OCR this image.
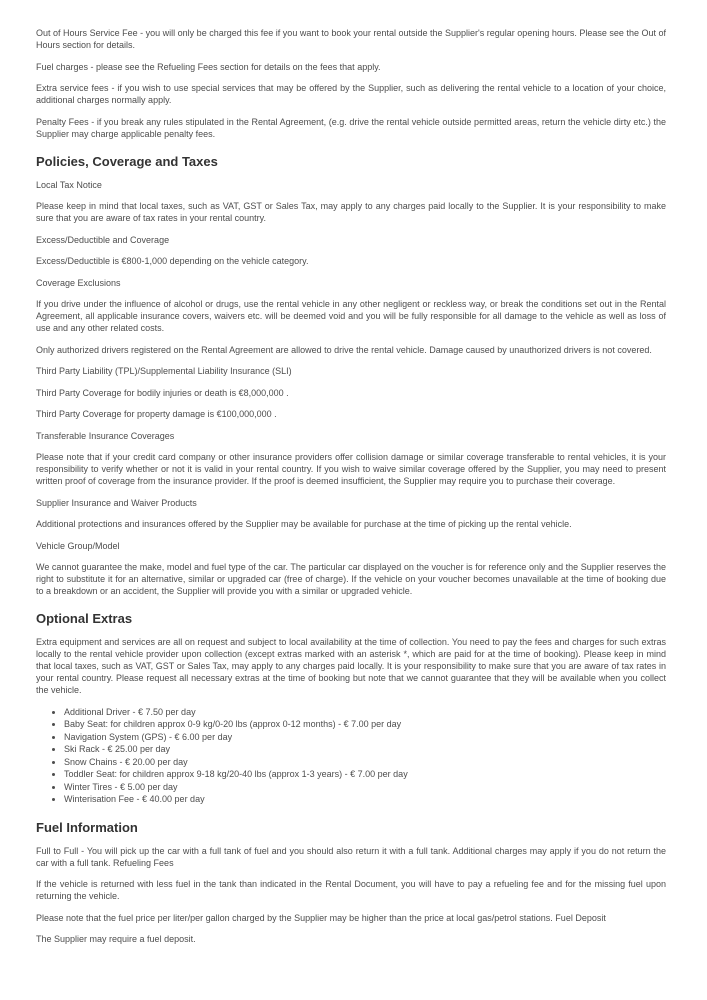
Out of Hours Service Fee - you will only be charged this fee if you want to book your rental outside the Supplier's regular opening hours. Please see the Out of Hours section for details.

Fuel charges - please see the Refueling Fees section for details on the fees that apply.

Extra service fees - if you wish to use special services that may be offered by the Supplier, such as delivering the rental vehicle to a location of your choice, additional charges normally apply.

Penalty Fees - if you break any rules stipulated in the Rental Agreement, (e.g. drive the rental vehicle outside permitted areas, return the vehicle dirty etc.) the Supplier may charge applicable penalty fees.

Policies, Coverage and Taxes

Local Tax Notice

Please keep in mind that local taxes, such as VAT, GST or Sales Tax, may apply to any charges paid locally to the Supplier. It is your responsibility to make sure that you are aware of tax rates in your rental country.

Excess/Deductible and Coverage

Excess/Deductible is €800-1,000 depending on the vehicle category.

Coverage Exclusions

If you drive under the influence of alcohol or drugs, use the rental vehicle in any other negligent or reckless way, or break the conditions set out in the Rental Agreement, all applicable insurance covers, waivers etc. will be deemed void and you will be fully responsible for all damage to the vehicle as well as loss of use and any other related costs.

Only authorized drivers registered on the Rental Agreement are allowed to drive the rental vehicle. Damage caused by unauthorized drivers is not covered.

Third Party Liability (TPL)/Supplemental Liability Insurance (SLI)

Third Party Coverage for bodily injuries or death is €8,000,000 .

Third Party Coverage for property damage is €100,000,000 .

Transferable Insurance Coverages

Please note that if your credit card company or other insurance providers offer collision damage or similar coverage transferable to rental vehicles, it is your responsibility to verify whether or not it is valid in your rental country. If you wish to waive similar coverage offered by the Supplier, you may need to present written proof of coverage from the insurance provider. If the proof is deemed insufficient, the Supplier may require you to purchase their coverage.

Supplier Insurance and Waiver Products

Additional protections and insurances offered by the Supplier may be available for purchase at the time of picking up the rental vehicle.

Vehicle Group/Model

We cannot guarantee the make, model and fuel type of the car. The particular car displayed on the voucher is for reference only and the Supplier reserves the right to substitute it for an alternative, similar or upgraded car (free of charge). If the vehicle on your voucher becomes unavailable at the time of booking due to a breakdown or an accident, the Supplier will provide you with a similar or upgraded vehicle.

Optional Extras

Extra equipment and services are all on request and subject to local availability at the time of collection. You need to pay the fees and charges for such extras locally to the rental vehicle provider upon collection (except extras marked with an asterisk *, which are paid for at the time of booking). Please keep in mind that local taxes, such as VAT, GST or Sales Tax, may apply to any charges paid locally. It is your responsibility to make sure that you are aware of tax rates in your rental country. Please request all necessary extras at the time of booking but note that we cannot guarantee that they will be available when you collect the vehicle.

• Additional Driver - € 7.50 per day
• Baby Seat: for children approx 0-9 kg/0-20 lbs (approx 0-12 months) - € 7.00 per day
• Navigation System (GPS) - € 6.00 per day
• Ski Rack - € 25.00 per day
• Snow Chains - € 20.00 per day
• Toddler Seat: for children approx 9-18 kg/20-40 lbs (approx 1-3 years) - € 7.00 per day
• Winter Tires - € 5.00 per day
• Winterisation Fee - € 40.00 per day
Fuel Information

Full to Full - You will pick up the car with a full tank of fuel and you should also return it with a full tank. Additional charges may apply if you do not return the car with a full tank. Refueling Fees

If the vehicle is returned with less fuel in the tank than indicated in the Rental Document, you will have to pay a refueling fee and for the missing fuel upon returning the vehicle.

Please note that the fuel price per liter/per gallon charged by the Supplier may be higher than the price at local gas/petrol stations. Fuel Deposit

The Supplier may require a fuel deposit.
